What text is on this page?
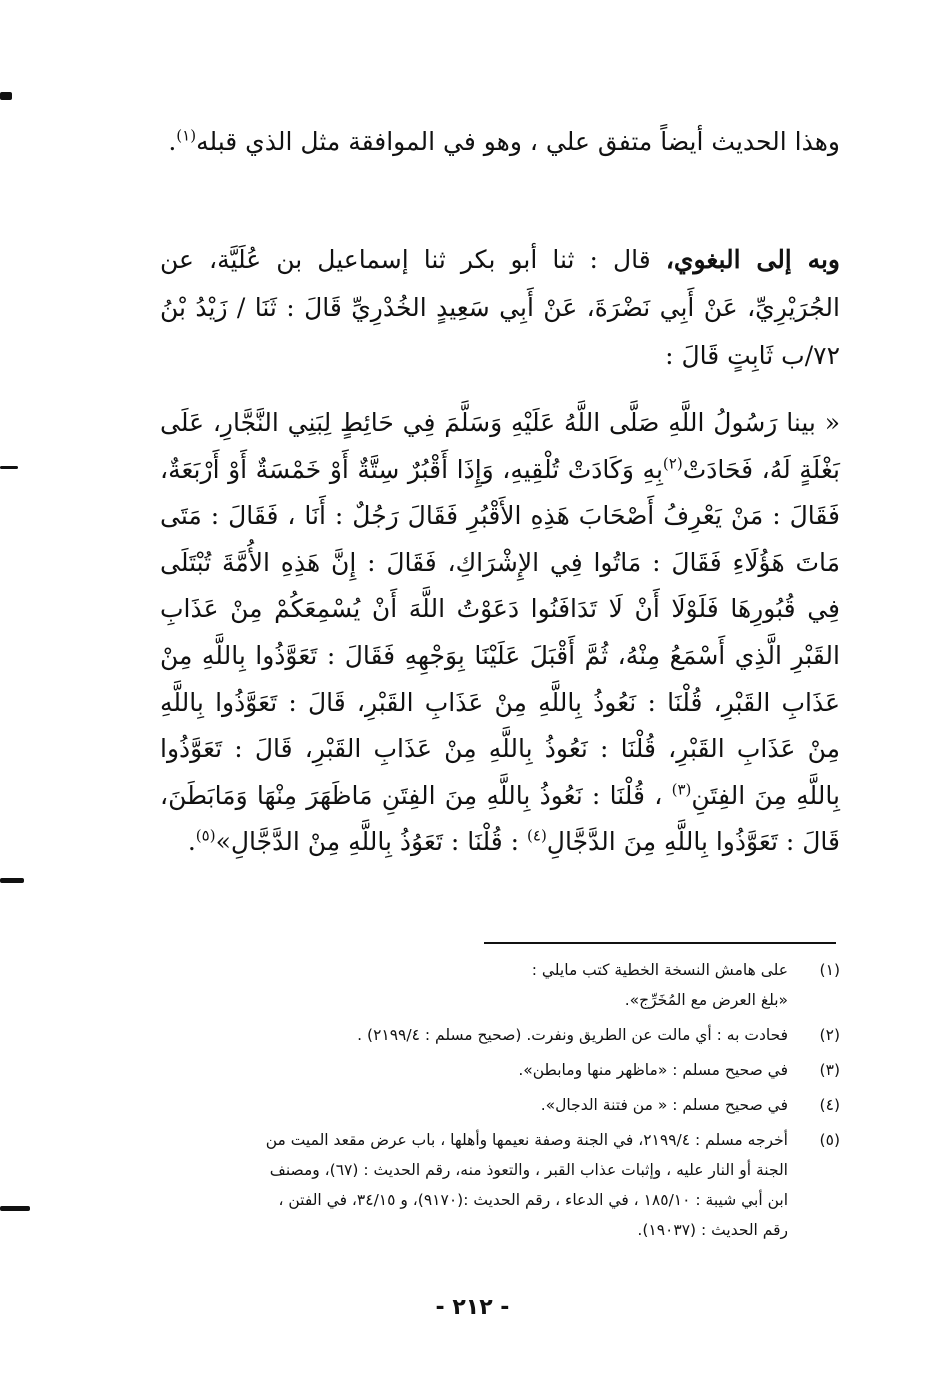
وهذا الحديث أيضاً متفق علي ، وهو في الموافقة مثل الذي قبله$^{(١)}$.

وبه إلى البغوي، قال : ثنا أبو بكر ثنا إسماعيل بن عُلَيَّة، عن الجُرَيْرِيِّ، عَنْ أَبِي نَضْرَةَ، عَنْ أَبِي سَعِيدٍ الخُدْرِيِّ قَالَ : ثَنَا / زَيْدُ بْنُ ٧٢/ب ثَابِتٍ قَالَ :

« بينا رَسُولُ اللَّهِ صَلَّى اللَّهُ عَلَيْهِ وَسَلَّمَ فِي حَائِطٍ لِبَنِي النَّجَّارِ، عَلَى بَغْلَةٍ لَهُ، فَحَادَتْ$^{(٢)}$بِهِ وَكَادَتْ تُلْقِيهِ، وَإِذَا أَقْبُرٌ سِتَّةٌ أَوْ خَمْسَةٌ أَوْ أَرْبَعَةٌ، فَقَالَ : مَنْ يَعْرِفُ أَصْحَابَ هَذِهِ الأَقْبُرِ فَقَالَ رَجُلٌ : أَنَا ، فَقَالَ : مَتَى مَاتَ هَؤُلَاءِ فَقَالَ : مَاتُوا فِي الإِشْرَاكِ، فَقَالَ : إِنَّ هَذِهِ الأُمَّةَ تُبْتَلَى فِي قُبُورِهَا فَلَوْلَا أَنْ لَا تَدَافَنُوا دَعَوْتُ اللَّهَ أَنْ يُسْمِعَكُمْ مِنْ عَذَابِ القَبْرِ الَّذِي أَسْمَعُ مِنْهُ، ثُمَّ أَقْبَلَ عَلَيْنَا بِوَجْهِهِ فَقَالَ : تَعَوَّذُوا بِاللَّهِ مِنْ عَذَابِ القَبْرِ، قُلْنَا : نَعُوذُ بِاللَّهِ مِنْ عَذَابِ القَبْرِ، قَالَ : تَعَوَّذُوا بِاللَّهِ مِنْ عَذَابِ القَبْرِ، قُلْنَا : نَعُوذُ بِاللَّهِ مِنْ عَذَابِ القَبْرِ، قَالَ : تَعَوَّذُوا بِاللَّهِ مِنَ الفِتَنِ$^{(٣)}$ ، قُلْنَا : نَعُوذُ بِاللَّهِ مِنَ الفِتَنِ مَاظَهَرَ مِنْهَا وَمَابَطَنَ، قَالَ : تَعَوَّذُوا بِاللَّهِ مِنَ الدَّجَّالِ$^{(٤)}$ : قُلْنَا : تَعَوُذُ بِاللَّهِ مِنْ الدَّجَّالِ»$^{(٥)}$.

(١)
على هامش النسخة الخطية كتب مايلي :
«بلغ العرض مع المُخَرِّج».
(٢)
فحادت به : أي مالت عن الطريق ونفرت. (صحيح مسلم : ٢١٩٩/٤) .
(٣)
في صحيح مسلم : «ماظهر منها ومابطن».
(٤)
في صحيح مسلم : « من فتنة الدجال».
(٥)
أخرجه مسلم : ٢١٩٩/٤، في الجنة وصفة نعيمها وأهلها ، باب عرض مقعد الميت من
الجنة أو النار عليه ، وإثبات عذاب القبر ، والتعوذ منه، رقم الحديث : (٦٧)، ومصنف
ابن أبي شيبة : ١٨٥/١٠ ، في الدعاء ، رقم الحديث :(٩١٧٠)، و ٣٤/١٥، في الفتن ،
رقم الحديث : (١٩٠٣٧).
- ٢١٢ -
